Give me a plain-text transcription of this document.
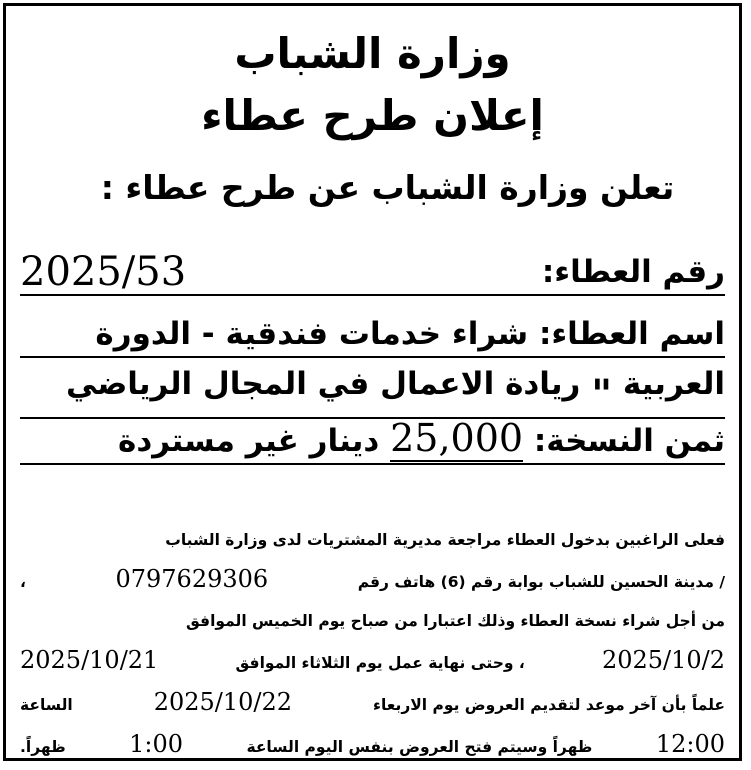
وزارة الشباب
إعلان طرح عطاء
تعلن وزارة الشباب عن طرح عطاء :
رقم العطاء:
2025/53
اسم العطاء: شراء خدمات فندقية - الدورة
العربية " ريادة الاعمال في المجال الرياضي
ثمن النسخة: 25,000 دينار غير مستردة
فعلى الراغبين بدخول العطاء مراجعة مديرية المشتريات لدى وزارة الشباب
/ مدينة الحسين للشباب بوابة رقم (6) هاتف رقم
0797629306
،
من أجل شراء نسخة العطاء وذلك اعتبارا من صباح يوم الخميس الموافق
2025/10/2
، وحتى نهاية عمل يوم الثلاثاء الموافق
2025/10/21
علماً بأن آخر موعد لتقديم العروض يوم الاربعاء
2025/10/22
الساعة
12:00
ظهراً وسيتم فتح العروض بنفس اليوم الساعة
1:00
ظهراً.
